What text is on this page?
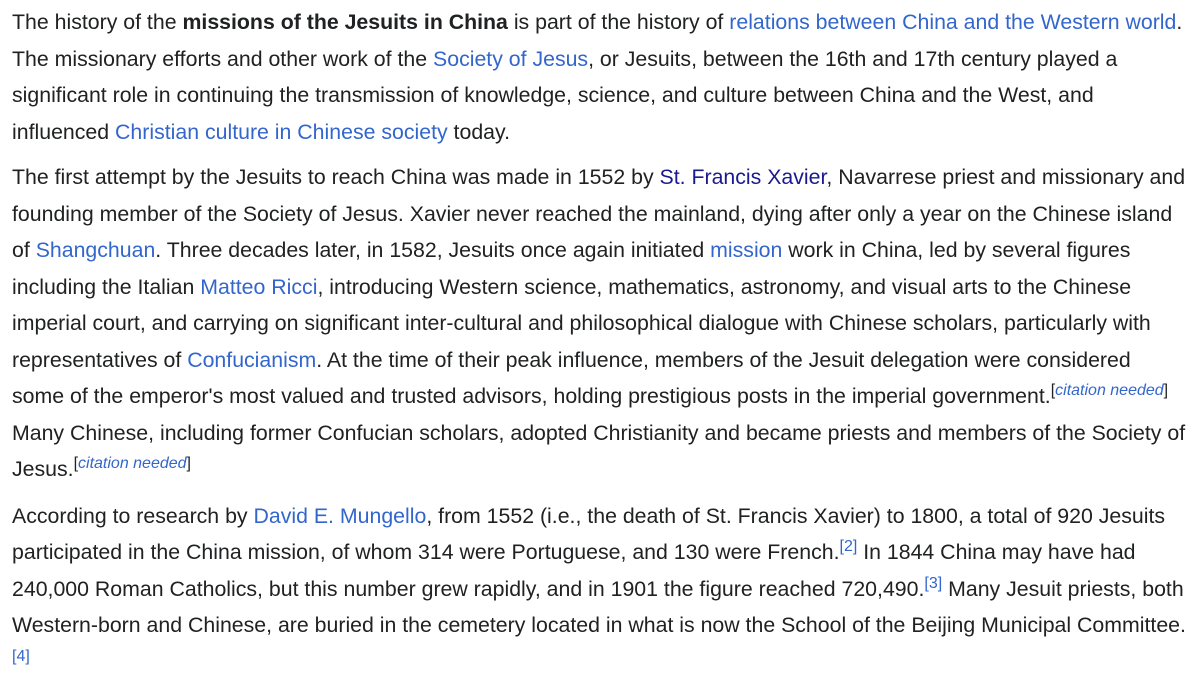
The history of the missions of the Jesuits in China is part of the history of relations between China and the Western world. The missionary efforts and other work of the Society of Jesus, or Jesuits, between the 16th and 17th century played a significant role in continuing the transmission of knowledge, science, and culture between China and the West, and influenced Christian culture in Chinese society today.

The first attempt by the Jesuits to reach China was made in 1552 by St. Francis Xavier, Navarrese priest and missionary and founding member of the Society of Jesus. Xavier never reached the mainland, dying after only a year on the Chinese island of Shangchuan. Three decades later, in 1582, Jesuits once again initiated mission work in China, led by several figures including the Italian Matteo Ricci, introducing Western science, mathematics, astronomy, and visual arts to the Chinese imperial court, and carrying on significant inter-cultural and philosophical dialogue with Chinese scholars, particularly with representatives of Confucianism. At the time of their peak influence, members of the Jesuit delegation were considered some of the emperor's most valued and trusted advisors, holding prestigious posts in the imperial government.[citation needed] Many Chinese, including former Confucian scholars, adopted Christianity and became priests and members of the Society of Jesus.[citation needed]

According to research by David E. Mungello, from 1552 (i.e., the death of St. Francis Xavier) to 1800, a total of 920 Jesuits participated in the China mission, of whom 314 were Portuguese, and 130 were French.[2] In 1844 China may have had 240,000 Roman Catholics, but this number grew rapidly, and in 1901 the figure reached 720,490.[3] Many Jesuit priests, both Western-born and Chinese, are buried in the cemetery located in what is now the School of the Beijing Municipal Committee.[4]
